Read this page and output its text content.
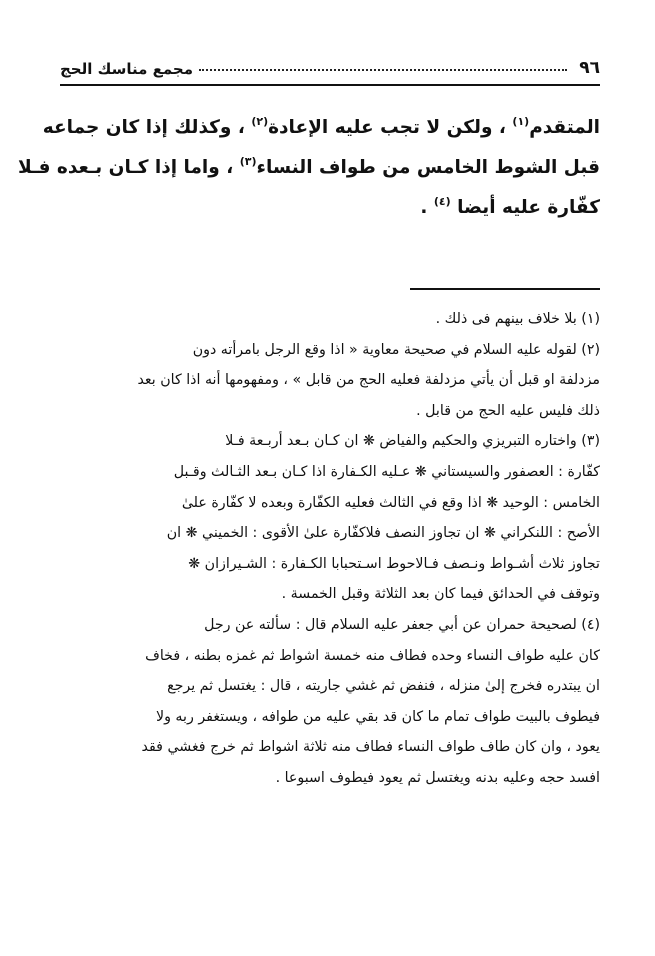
٩٦
مجمع مناسك الحج
المتقدم$^{(١)}$ ، ولكن لا تجب عليه الإعادة$^{(٢)}$ ، وكذلك إذا كان جماعه
قبل الشوط الخامس من طواف النساء$^{(٣)}$ ، واما إذا كـان بـعده فـلا
كفّارة عليه أيضا $^{(٤)}$ .
(١) بلا خلاف بينهم فى ذلك .
(٢) لقوله عليه السلام في صحيحة معاوية « اذا وقع الرجل بامرأته دون
مزدلفة او قبل أن يأتي مزدلفة فعليه الحج من قابل » ، ومفهومها أنه اذا كان بعد
ذلك فليس عليه الحج من قابل .
(٣) واختاره التبريزي والحكيم والفياض ❋ ان كـان بـعد أربـعة فـلا
كفّارة : العصفور والسيستاني ❋ عـليه الكـفارة اذا كـان بـعد الثـالث وقـبل
الخامس : الوحيد ❋ اذا وقع في الثالث فعليه الكفّارة وبعده لا كفّارة علىٰ
الأصح : اللنكراني ❋ ان تجاوز النصف فلاكفّارة علىٰ الأقوى : الخميني ❋ ان
تجاوز ثلاث أشـواط ونـصف فـالاحوط اسـتحبابا الكـفارة : الشـيرازان ❋
وتوقف في الحدائق فيما كان بعد الثلاثة وقبل الخمسة .
(٤) لصحيحة حمران عن أبي جعفر عليه السلام قال : سألته عن رجل
كان عليه طواف النساء وحده فطاف منه خمسة اشواط ثم غمزه بطنه ، فخاف
ان يبتدره فخرج إلىٰ منزله ، فنفض ثم غشي جاريته ، قال : يغتسل ثم يرجع
فيطوف بالبيت طواف تمام ما كان قد بقي عليه من طوافه ، ويستغفر ربه ولا
يعود ، وان كان طاف طواف النساء فطاف منه ثلاثة اشواط ثم خرج فغشي فقد
افسد حجه وعليه بدنه ويغتسل ثم يعود فيطوف اسبوعا .
